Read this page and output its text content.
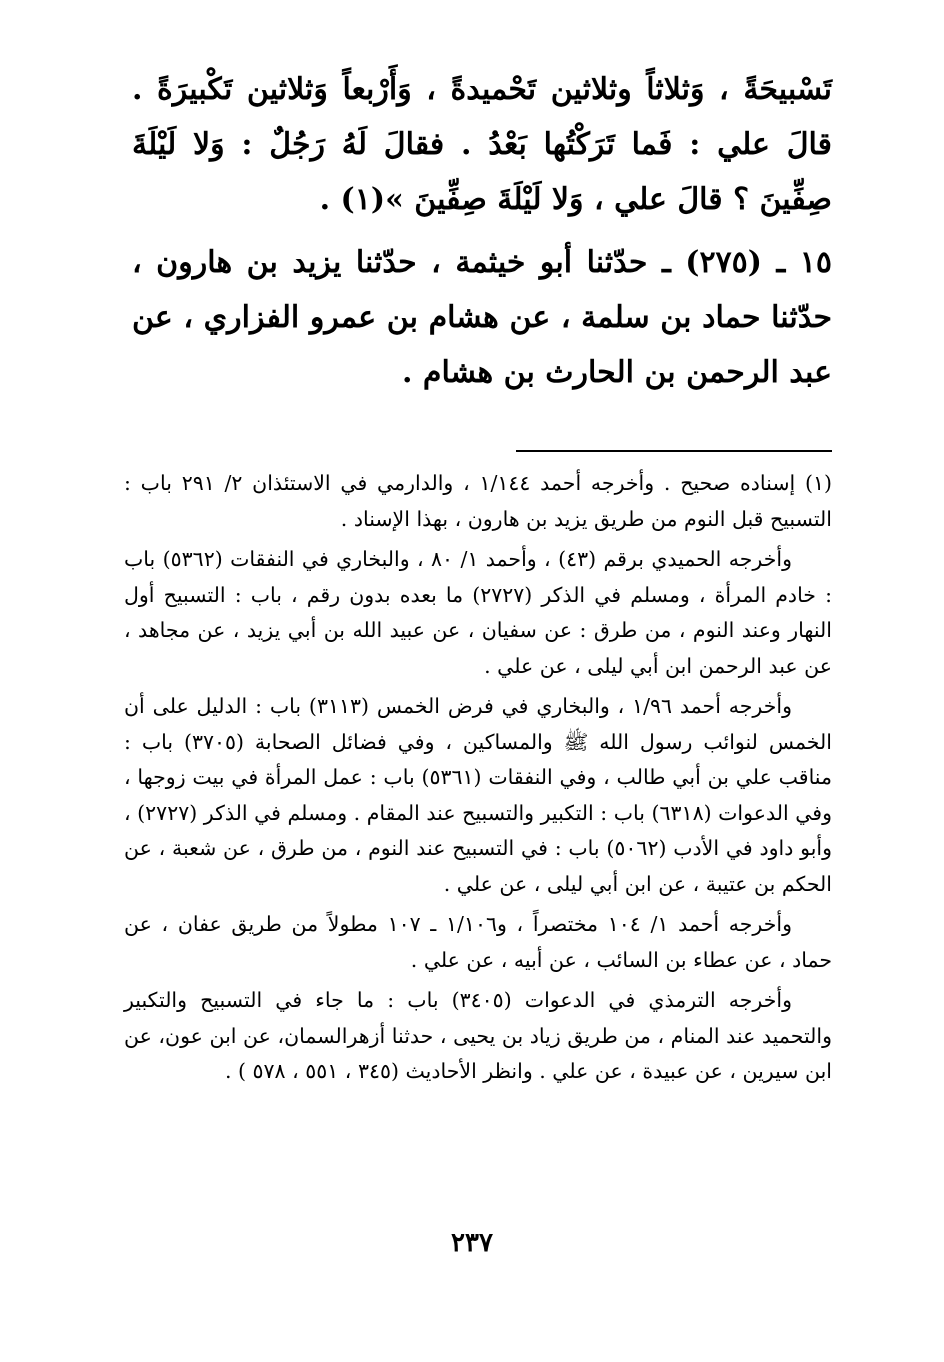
تَسْبيحَةً ، وَثلاثاً وثلاثين تَحْميدةً ، وَأَرْبعاً وَثلاثين تَكْبيرَةً . قالَ علي : فَما تَرَكْتُها بَعْدُ . فقالَ لَهُ رَجُلٌ : وَلا لَيْلَةَ صِفِّينَ ؟ قالَ علي ، وَلا لَيْلَةَ صِفِّينَ »(١) .

١٥ ـ (٢٧٥) ـ حدّثنا أبو خيثمة ، حدّثنا يزيد بن هارون ، حدّثنا حماد بن سلمة ، عن هشام بن عمرو الفزاري ، عن عبد الرحمن بن الحارث بن هشام .

(١) إسناده صحيح . وأخرجه أحمد ١/١٤٤ ، والدارمي في الاستئذان ٢/ ٢٩١ باب : التسبيح قبل النوم من طريق يزيد بن هارون ، بهذا الإسناد .

وأخرجه الحميدي برقم (٤٣) ، وأحمد ١/ ٨٠ ، والبخاري في النفقات (٥٣٦٢) باب : خادم المرأة ، ومسلم في الذكر (٢٧٢٧) ما بعده بدون رقم ، باب : التسبيح أول النهار وعند النوم ، من طرق : عن سفيان ، عن عبيد الله بن أبي يزيد ، عن مجاهد ، عن عبد الرحمن ابن أبي ليلى ، عن علي .

وأخرجه أحمد ١/٩٦ ، والبخاري في فرض الخمس (٣١١٣) باب : الدليل على أن الخمس لنوائب رسول الله ﷺ والمساكين ، وفي فضائل الصحابة (٣٧٠٥) باب : مناقب علي بن أبي طالب ، وفي النفقات (٥٣٦١) باب : عمل المرأة في بيت زوجها ، وفي الدعوات (٦٣١٨) باب : التكبير والتسبيح عند المقام . ومسلم في الذكر (٢٧٢٧) ، وأبو داود في الأدب (٥٠٦٢) باب : في التسبيح عند النوم ، من طرق ، عن شعبة ، عن الحكم بن عتيبة ، عن ابن أبي ليلى ، عن علي .

وأخرجه أحمد ١/ ١٠٤ مختصراً ، و١/١٠٦ ـ ١٠٧ مطولاً من طريق عفان ، عن حماد ، عن عطاء بن السائب ، عن أبيه ، عن علي .

وأخرجه الترمذي في الدعوات (٣٤٠٥) باب : ما جاء في التسبيح والتكبير والتحميد عند المنام ، من طريق زياد بن يحيى ، حدثنا أزهرالسمان، عن ابن عون، عن ابن سيرين ، عن عبيدة ، عن علي . وانظر الأحاديث (٣٤٥ ، ٥٥١ ، ٥٧٨ ) .

٢٣٧
